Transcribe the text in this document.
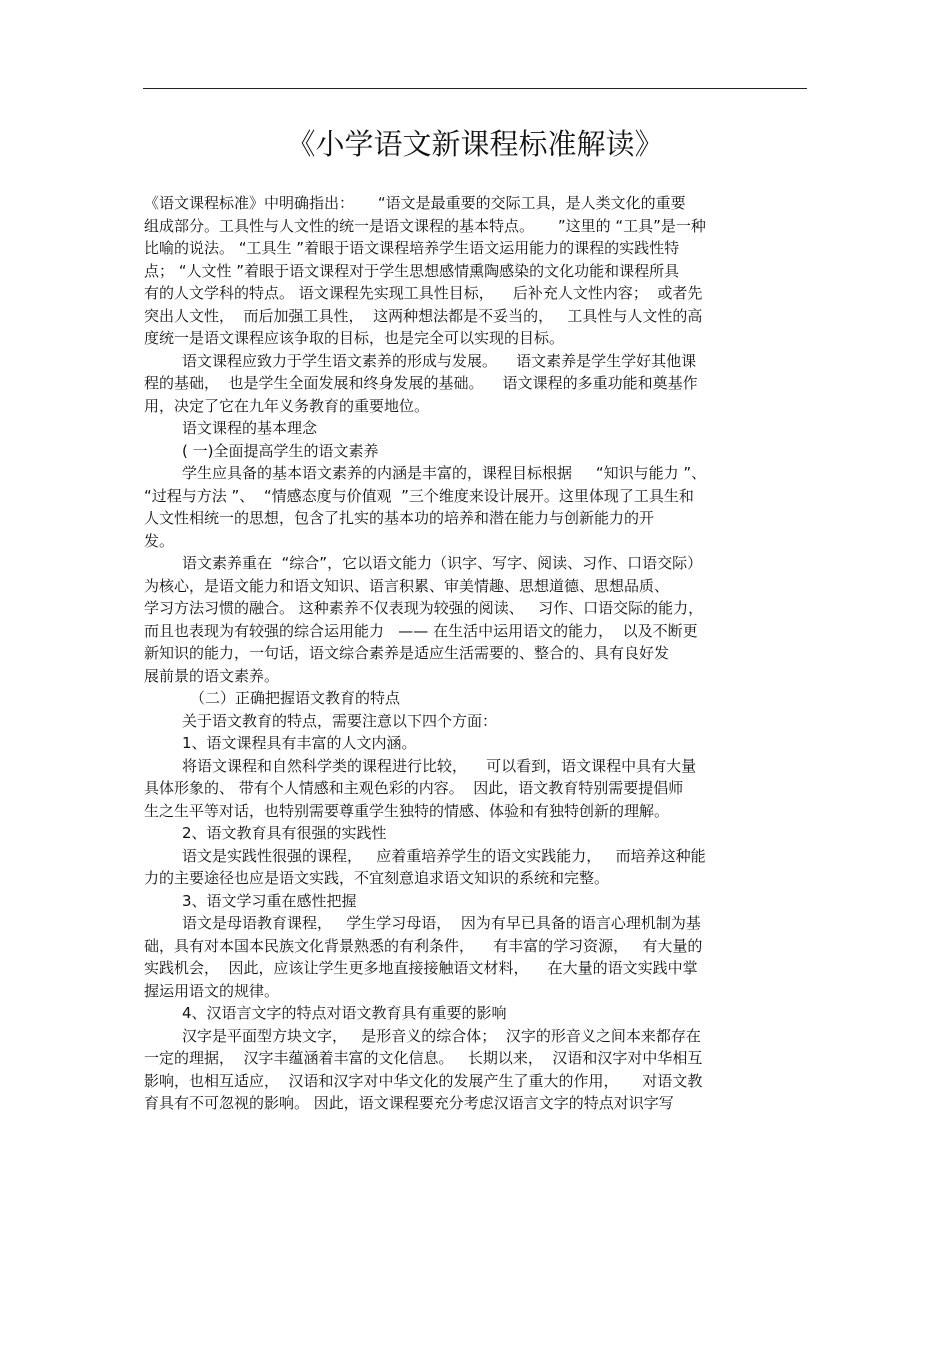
《小学语文新课程标准解读》
《语文课程标准》中明确指出：     “语文是最重要的交际工具，是人类文化的重要
组成部分。工具性与人文性的统一是语文课程的基本特点。     ”这里的 “工具”是一种
比喻的说法。 “工具生 ”着眼于语文课程培养学生语文运用能力的课程的实践性特
点； “人文性 ”着眼于语文课程对于学生思想感情熏陶感染的文化功能和课程所具
有的人文学科的特点。 语文课程先实现工具性目标，    后补充人文性内容；  或者先
突出人文性，  而后加强工具性，  这两种想法都是不妥当的，   工具性与人文性的高
度统一是语文课程应该争取的目标，也是完全可以实现的目标。
语文课程应致力于学生语文素养的形成与发展。    语文素养是学生学好其他课
程的基础，  也是学生全面发展和终身发展的基础。    语文课程的多重功能和奠基作
用，决定了它在九年义务教育的重要地位。
语文课程的基本理念
( 一)全面提高学生的语文素养
学生应具备的基本语文素养的内涵是丰富的，课程目标根据     “知识与能力 ”、
“过程与方法 ”、  “情感态度与价值观  ”三个维度来设计展开。这里体现了工具生和
人文性相统一的思想，包含了扎实的基本功的培养和潜在能力与创新能力的开
发。
语文素养重在  “综合”，它以语文能力（识字、写字、阅读、习作、口语交际）
为核心，是语文能力和语文知识、语言积累、审美情趣、思想道德、思想品质、
学习方法习惯的融合。 这种素养不仅表现为较强的阅读、   习作、口语交际的能力，
而且也表现为有较强的综合运用能力   —— 在生活中运用语文的能力，  以及不断更
新知识的能力，一句话，语文综合素养是适应生活需要的、整合的、具有良好发
展前景的语文素养。
（二）正确把握语文教育的特点
关于语文教育的特点，需要注意以下四个方面：
1、语文课程具有丰富的人文内涵。
将语文课程和自然科学类的课程进行比较，    可以看到，语文课程中具有大量
具体形象的、 带有个人情感和主观色彩的内容。  因此，语文教育特别需要提倡师
生之生平等对话，也特别需要尊重学生独特的情感、体验和有独特创新的理解。
2、语文教育具有很强的实践性
语文是实践性很强的课程，   应着重培养学生的语文实践能力，   而培养这种能
力的主要途径也应是语文实践，不宜刻意追求语文知识的系统和完整。
3、语文学习重在感性把握
语文是母语教育课程，   学生学习母语，  因为有早已具备的语言心理机制为基
础，具有对本国本民族文化背景熟悉的有利条件，    有丰富的学习资源，   有大量的
实践机会，  因此，应该让学生更多地直接接触语文材料，    在大量的语文实践中掌
握运用语文的规律。
4、汉语言文字的特点对语文教育具有重要的影响
汉字是平面型方块文字，   是形音义的综合体；  汉字的形音义之间本来都存在
一定的理据，  汉字丰蕴涵着丰富的文化信息。   长期以来，  汉语和汉字对中华相互
影响，也相互适应，  汉语和汉字对中华文化的发展产生了重大的作用，     对语文教
育具有不可忽视的影响。 因此，语文课程要充分考虑汉语言文字的特点对识字写
